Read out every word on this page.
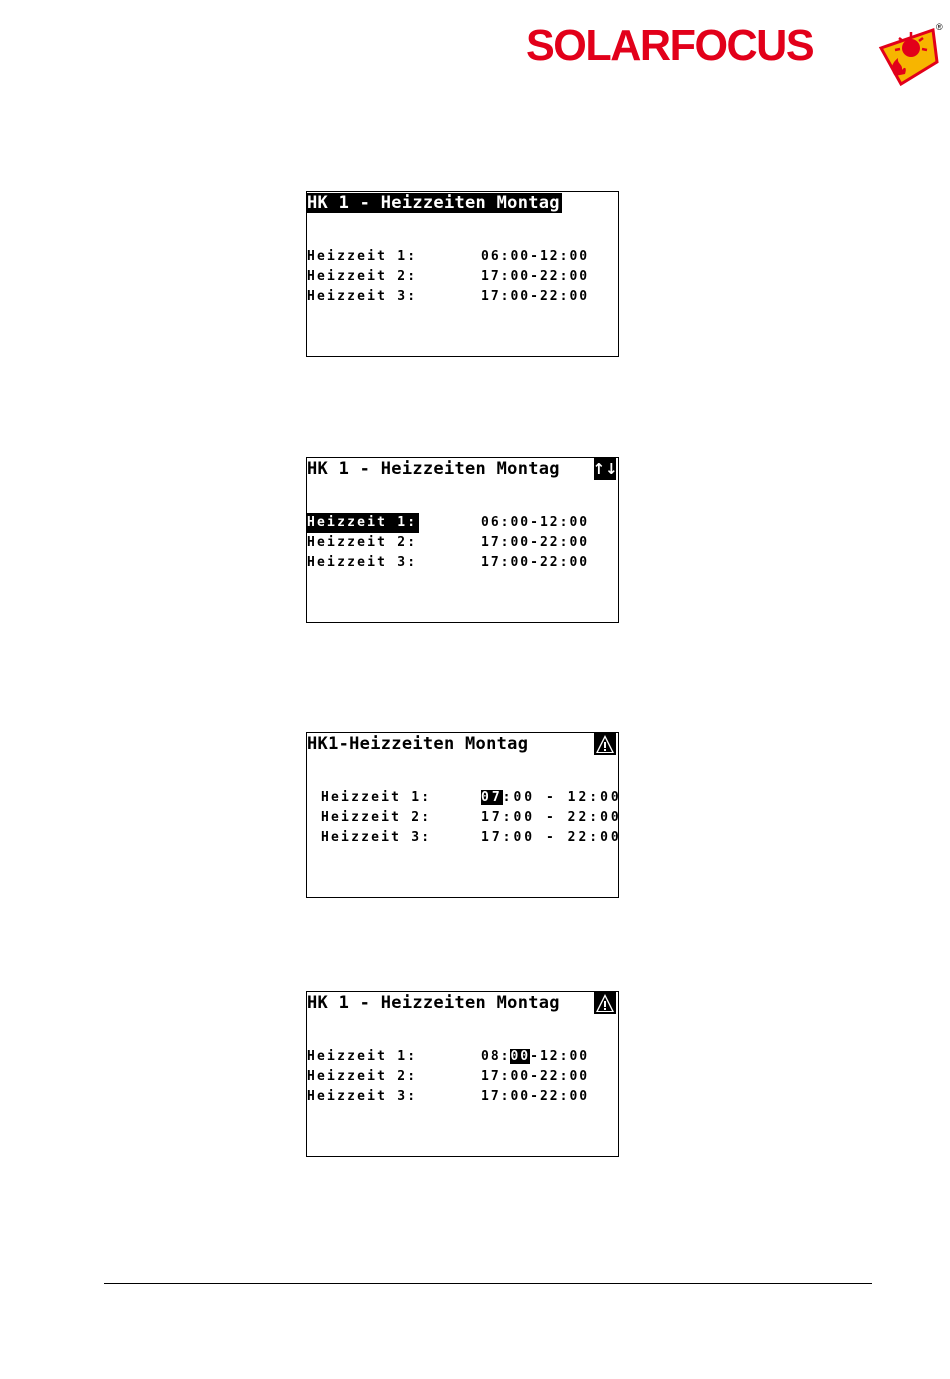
SOLARFOCUS	®
HK 1 - Heizzeiten Montag
Heizzeit 1:	06:00-12:00
Heizzeit 2:	17:00-22:00
Heizzeit 3:	17:00-22:00
HK 1 - Heizzeiten Montag ↑↓
Heizzeit 1:	06:00-12:00
Heizzeit 2:	17:00-22:00
Heizzeit 3:	17:00-22:00
HK1-Heizzeiten Montag
Heizzeit 1:	07:00 - 12:00
Heizzeit 2:	17:00 - 22:00
Heizzeit 3:	17:00 - 22:00
HK 1 - Heizzeiten Montag
Heizzeit 1:	08:00-12:00
Heizzeit 2:	17:00-22:00
Heizzeit 3:	17:00-22:00
